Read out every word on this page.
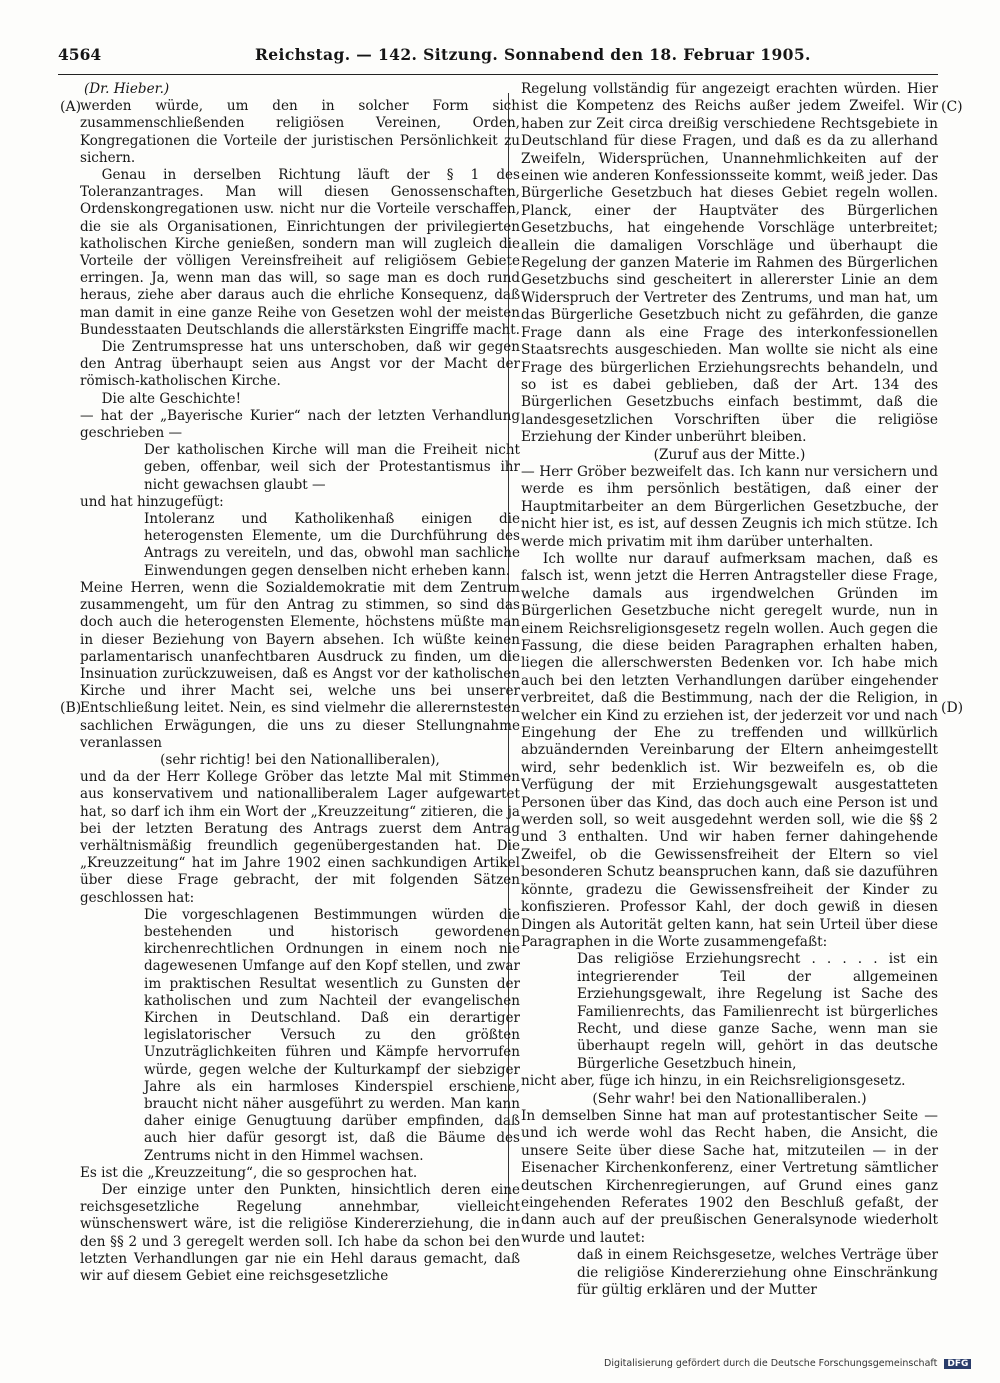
4564	Reichstag. — 142. Sitzung. Sonnabend den 18. Februar 1905.
(A)
(B)
(C)
(D)

(Dr. Hieber.)

werden würde, um den in solcher Form sich zusammenschließenden religiösen Vereinen, Orden, Kongregationen die Vorteile der juristischen Persönlichkeit zu sichern.

Genau in derselben Richtung läuft der § 1 des Toleranzantrages. Man will diesen Genossenschaften, Ordenskongregationen usw. nicht nur die Vorteile verschaffen, die sie als Organisationen, Einrichtungen der privilegierten katholischen Kirche genießen, sondern man will zugleich die Vorteile der völligen Vereinsfreiheit auf religiösem Gebiete erringen. Ja, wenn man das will, so sage man es doch rund heraus, ziehe aber daraus auch die ehrliche Konsequenz, daß man damit in eine ganze Reihe von Gesetzen wohl der meisten Bundesstaaten Deutschlands die allerstärksten Eingriffe macht.

Die Zentrumspresse hat uns unterschoben, daß wir gegen den Antrag überhaupt seien aus Angst vor der Macht der römisch-katholischen Kirche.

Die alte Geschichte!

— hat der „Bayerische Kurier“ nach der letzten Verhandlung geschrieben —

Der katholischen Kirche will man die Freiheit nicht geben, offenbar, weil sich der Protestantismus ihr nicht gewachsen glaubt —

und hat hinzugefügt:

Intoleranz und Katholikenhaß einigen die heterogensten Elemente, um die Durchführung des Antrags zu vereiteln, und das, obwohl man sachliche Einwendungen gegen denselben nicht erheben kann.

Meine Herren, wenn die Sozialdemokratie mit dem Zentrum zusammengeht, um für den Antrag zu stimmen, so sind das doch auch die heterogensten Elemente, höchstens müßte man in dieser Beziehung von Bayern absehen. Ich wüßte keinen parlamentarisch unanfechtbaren Ausdruck zu finden, um die Insinuation zurückzuweisen, daß es Angst vor der katholischen Kirche und ihrer Macht sei, welche uns bei unserer Entschließung leitet. Nein, es sind vielmehr die allerernstesten sachlichen Erwägungen, die uns zu dieser Stellungnahme veranlassen

(sehr richtig! bei den Nationalliberalen),

und da der Herr Kollege Gröber das letzte Mal mit Stimmen aus konservativem und nationalliberalem Lager aufgewartet hat, so darf ich ihm ein Wort der „Kreuzzeitung“ zitieren, die ja bei der letzten Beratung des Antrags zuerst dem Antrag verhältnismäßig freundlich gegenübergestanden hat. Die „Kreuzzeitung“ hat im Jahre 1902 einen sachkundigen Artikel über diese Frage gebracht, der mit folgenden Sätzen geschlossen hat:

Die vorgeschlagenen Bestimmungen würden die bestehenden und historisch gewordenen kirchenrechtlichen Ordnungen in einem noch nie dagewesenen Umfange auf den Kopf stellen, und zwar im praktischen Resultat wesentlich zu Gunsten der katholischen und zum Nachteil der evangelischen Kirchen in Deutschland. Daß ein derartiger legislatorischer Versuch zu den größten Unzuträglichkeiten führen und Kämpfe hervorrufen würde, gegen welche der Kulturkampf der siebziger Jahre als ein harmloses Kinderspiel erschiene, braucht nicht näher ausgeführt zu werden. Man kann daher einige Genugtuung darüber empfinden, daß auch hier dafür gesorgt ist, daß die Bäume des Zentrums nicht in den Himmel wachsen.

Es ist die „Kreuzzeitung“, die so gesprochen hat.

Der einzige unter den Punkten, hinsichtlich deren eine reichsgesetzliche Regelung annehmbar, vielleicht wünschenswert wäre, ist die religiöse Kindererziehung, die in den §§ 2 und 3 geregelt werden soll. Ich habe da schon bei den letzten Verhandlungen gar nie ein Hehl daraus gemacht, daß wir auf diesem Gebiet eine reichsgesetzliche

Regelung vollständig für angezeigt erachten würden. Hier ist die Kompetenz des Reichs außer jedem Zweifel. Wir haben zur Zeit circa dreißig verschiedene Rechtsgebiete in Deutschland für diese Fragen, und daß es da zu allerhand Zweifeln, Widersprüchen, Unannehmlichkeiten auf der einen wie anderen Konfessionsseite kommt, weiß jeder. Das Bürgerliche Gesetzbuch hat dieses Gebiet regeln wollen. Planck, einer der Hauptväter des Bürgerlichen Gesetzbuchs, hat eingehende Vorschläge unterbreitet; allein die damaligen Vorschläge und überhaupt die Regelung der ganzen Materie im Rahmen des Bürgerlichen Gesetzbuchs sind gescheitert in allererster Linie an dem Widerspruch der Vertreter des Zentrums, und man hat, um das Bürgerliche Gesetzbuch nicht zu gefährden, die ganze Frage dann als eine Frage des interkonfessionellen Staatsrechts ausgeschieden. Man wollte sie nicht als eine Frage des bürgerlichen Erziehungsrechts behandeln, und so ist es dabei geblieben, daß der Art. 134 des Bürgerlichen Gesetzbuchs einfach bestimmt, daß die landesgesetzlichen Vorschriften über die religiöse Erziehung der Kinder unberührt bleiben.

(Zuruf aus der Mitte.)

— Herr Gröber bezweifelt das. Ich kann nur versichern und werde es ihm persönlich bestätigen, daß einer der Hauptmitarbeiter an dem Bürgerlichen Gesetzbuche, der nicht hier ist, es ist, auf dessen Zeugnis ich mich stütze. Ich werde mich privatim mit ihm darüber unterhalten.

Ich wollte nur darauf aufmerksam machen, daß es falsch ist, wenn jetzt die Herren Antragsteller diese Frage, welche damals aus irgendwelchen Gründen im Bürgerlichen Gesetzbuche nicht geregelt wurde, nun in einem Reichsreligionsgesetz regeln wollen. Auch gegen die Fassung, die diese beiden Paragraphen erhalten haben, liegen die allerschwersten Bedenken vor. Ich habe mich auch bei den letzten Verhandlungen darüber eingehender verbreitet, daß die Bestimmung, nach der die Religion, in welcher ein Kind zu erziehen ist, der jederzeit vor und nach Eingehung der Ehe zu treffenden und willkürlich abzuändernden Vereinbarung der Eltern anheimgestellt wird, sehr bedenklich ist. Wir bezweifeln es, ob die Verfügung der mit Erziehungsgewalt ausgestatteten Personen über das Kind, das doch auch eine Person ist und werden soll, so weit ausgedehnt werden soll, wie die §§ 2 und 3 enthalten. Und wir haben ferner dahingehende Zweifel, ob die Gewissensfreiheit der Eltern so viel besonderen Schutz beanspruchen kann, daß sie dazuführen könnte, gradezu die Gewissensfreiheit der Kinder zu konfiszieren. Professor Kahl, der doch gewiß in diesen Dingen als Autorität gelten kann, hat sein Urteil über diese Paragraphen in die Worte zusammengefaßt:

Das religiöse Erziehungsrecht . . . . . ist ein integrierender Teil der allgemeinen Erziehungsgewalt, ihre Regelung ist Sache des Familienrechts, das Familienrecht ist bürgerliches Recht, und diese ganze Sache, wenn man sie überhaupt regeln will, gehört in das deutsche Bürgerliche Gesetzbuch hinein,

nicht aber, füge ich hinzu, in ein Reichsreligionsgesetz.

(Sehr wahr! bei den Nationalliberalen.)

In demselben Sinne hat man auf protestantischer Seite — und ich werde wohl das Recht haben, die Ansicht, die unsere Seite über diese Sache hat, mitzuteilen — in der Eisenacher Kirchenkonferenz, einer Vertretung sämtlicher deutschen Kirchenregierungen, auf Grund eines ganz eingehenden Referates 1902 den Beschluß gefaßt, der dann auch auf der preußischen Generalsynode wiederholt wurde und lautet:

daß in einem Reichsgesetze, welches Verträge über die religiöse Kindererziehung ohne Einschränkung für gültig erklären und der Mutter

Digitalisierung gefördert durch die Deutsche Forschungsgemeinschaft DFG
